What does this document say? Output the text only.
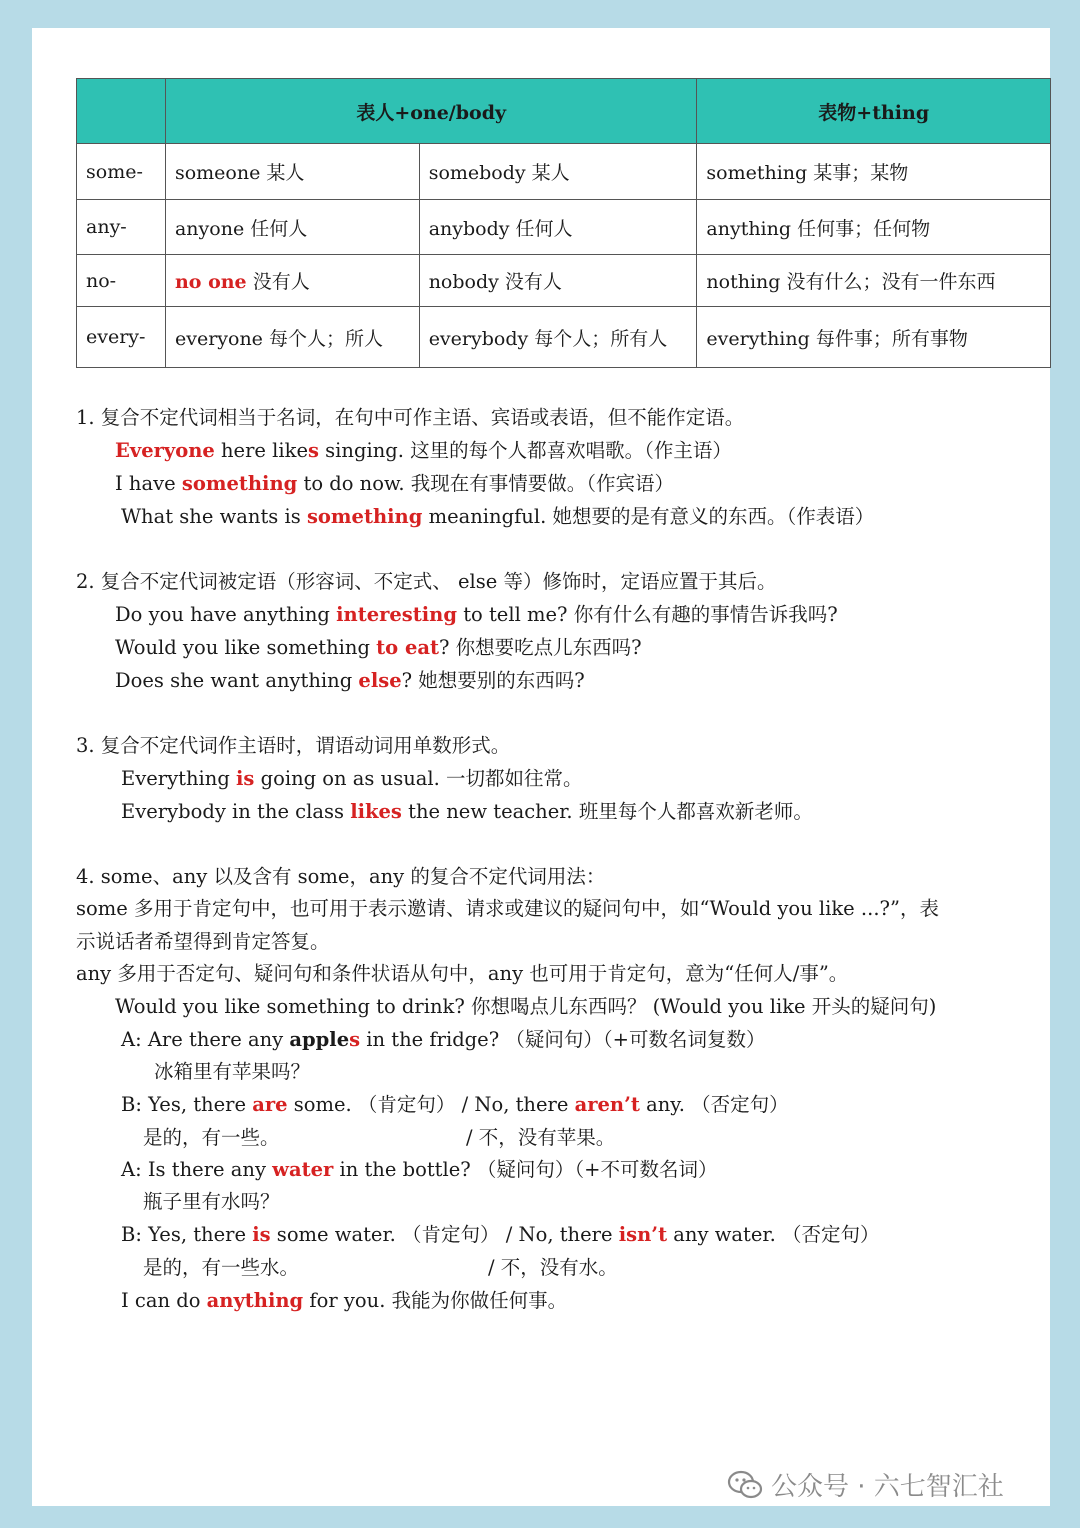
	表人+one/body		表物+thing
some-	someone 某人	somebody 某人	something 某事；某物
any-	anyone 任何人	anybody 任何人	anything 任何事；任何物
no-	no one 没有人	nobody 没有人	nothing 没有什么；没有一件东西
every-	everyone 每个人；所人	everybody 每个人；所有人	everything 每件事；所有事物
1. 复合不定代词相当于名词，在句中可作主语、宾语或表语，但不能作定语。
Everyone here likes singing. 这里的每个人都喜欢唱歌。（作主语）
I have something to do now. 我现在有事情要做。（作宾语）
What she wants is something meaningful. 她想要的是有意义的东西。（作表语）
2. 复合不定代词被定语（形容词、不定式、 else 等）修饰时，定语应置于其后。
Do you have anything interesting to tell me? 你有什么有趣的事情告诉我吗?
Would you like something to eat? 你想要吃点儿东西吗?
Does she want anything else? 她想要别的东西吗?
3. 复合不定代词作主语时，谓语动词用单数形式。
Everything is going on as usual. 一切都如往常。
Everybody in the class likes the new teacher. 班里每个人都喜欢新老师。
4. some、any 以及含有 some，any 的复合不定代词用法：
some 多用于肯定句中，也可用于表示邀请、请求或建议的疑问句中，如“Would you like ...?”，表
示说话者希望得到肯定答复。
any 多用于否定句、疑问句和条件状语从句中，any 也可用于肯定句，意为“任何人/事”。
Would you like something to drink? 你想喝点儿东西吗？ (Would you like 开头的疑问句)
A: Are there any apples in the fridge? （疑问句）（+可数名词复数）
冰箱里有苹果吗？
B: Yes, there are some. （肯定句） / No, there aren’t any. （否定句）
是的，有一些。	/ 不，没有苹果。
A: Is there any water in the bottle? （疑问句）（+不可数名词）
瓶子里有水吗？
B: Yes, there is some water. （肯定句） / No, there isn’t any water. （否定句）
是的，有一些水。	/ 不，没有水。
I can do anything for you. 我能为你做任何事。
公众号 · 六七智汇社
